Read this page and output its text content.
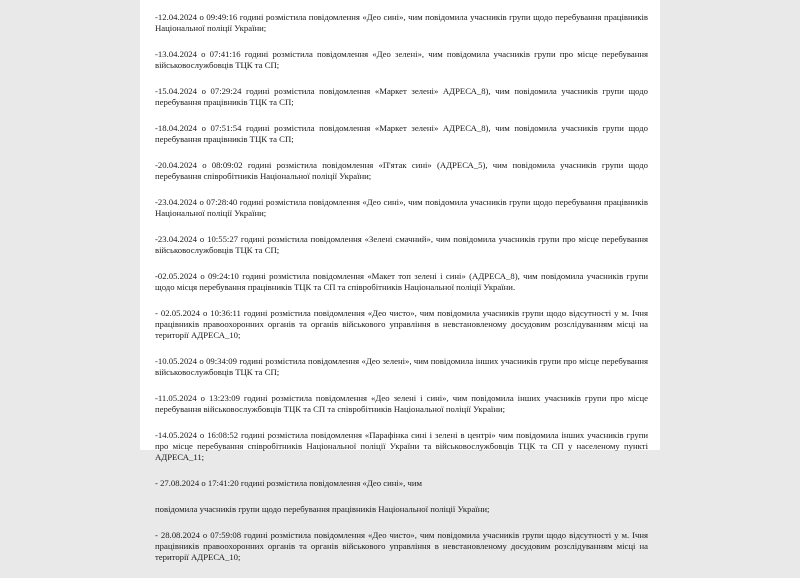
-12.04.2024 о 09:49:16 годині розмістила повідомлення «Део сині», чим повідомила учасників групи щодо перебування працівників Національної поліції України;

-13.04.2024 о 07:41:16 годині розмістила повідомлення «Део зелені», чим повідомила учасників групи про місце перебування військовослужбовців ТЦК та СП;

-15.04.2024 о 07:29:24 годині розмістила повідомлення «Маркет зелені» АДРЕСА_8), чим повідомила учасників групи щодо перебування працівників ТЦК та СП;

-18.04.2024 о 07:51:54 годині розмістила повідомлення «Маркет зелені» АДРЕСА_8), чим повідомила учасників групи щодо перебування працівників ТЦК та СП;

-20.04.2024 о 08:09:02 годині розмістила повідомлення «П'ятак сині» (АДРЕСА_5), чим повідомила учасників групи щодо перебування співробітників Національної поліції України;

-23.04.2024 о 07:28:40 годині розмістила повідомлення «Део сині», чим повідомила учасників групи щодо перебування працівників Національної поліції України;

-23.04.2024 о 10:55:27 годині розмістила повідомлення «Зелені смачний», чим повідомила учасників групи про місце перебування військовослужбовців ТЦК та СП;

-02.05.2024 о 09:24:10 годині розмістила повідомлення «Макет топ зелені і сині» (АДРЕСА_8), чим повідомила учасників групи щодо місця перебування працівників ТЦК та СП та співробітників Національної поліції України.

- 02.05.2024 о 10:36:11 годині розмістила повідомлення «Део чисто», чим повідомила учасників групи щодо відсутності у м. Ічня працівників правоохоронних органів та органів військового управління в невстановленому досудовим розслідуванням місці на території АДРЕСА_10;

-10.05.2024 о 09:34:09 годині розмістила повідомлення «Део зелені», чим повідомила інших учасників групи про місце перебування військовослужбовців ТЦК та СП;

-11.05.2024 о 13:23:09 годині розмістила повідомлення «Део зелені і сині», чим повідомила інших учасників групи про місце перебування військовослужбовців ТЦК та СП та співробітників Національної поліції України;

-14.05.2024 о 16:08:52 годині розмістила повідомлення «Парафінка сині і зелені в центрі» чим повідомила інших учасників групи про місце перебування співробітників Національної поліції України та військовослужбовців ТЦК та СП у населеному пункті АДРЕСА_11;

- 27.08.2024 о 17:41:20 годині розмістила повідомлення «Део сині», чим

повідомила учасників групи щодо перебування працівників Національної поліції України;

- 28.08.2024 о 07:59:08 годині розмістила повідомлення «Део чисто», чим повідомила учасників групи щодо відсутності у м. Ічня працівників правоохоронних органів та органів військового управління в невстановленому досудовим розслідуванням місці на території АДРЕСА_10;
